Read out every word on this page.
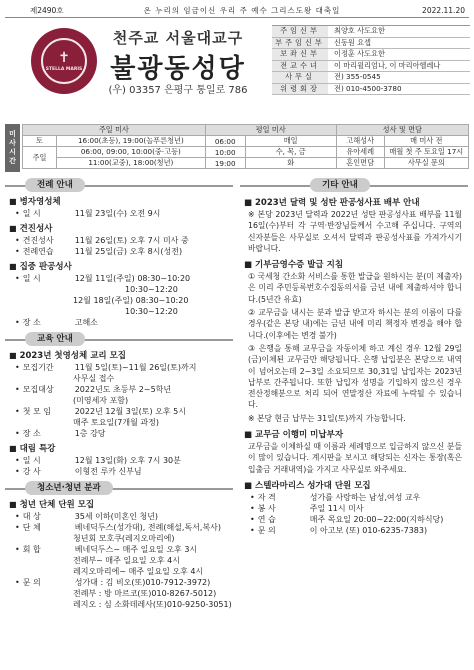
제2490호	온 누리의 임금이신 우리 주 예수 그리스도왕 대축일	2022.11.20
✝
STELLA MARIS
천주교 서울대교구
불광동성당
(우) 03357 은평구 통일로 786
주임신부	최양호 사도요한
부주임신부	신동원 요셉
보좌신부	이정훈 사도요한
전교수녀	이 마리윌리엄나, 이 마리아헬레나
사무실	전) 355-0545
위령회장	전) 010-4500-3780
미
사
시
간
주일 미사		평일 미사		성사 및 면담	
토	16:00(초등), 19:00(놀푸른청년)	06:00	매일	고해성사	매 미사 전
주일	06:00, 09:00, 10:00(중·고등)	10:00	수, 목, 금	유아세례	매월 첫 주 토요일 17시
	11:00(교중), 18:00(청년)	19:00	화	혼인면담	사무실 문의
전례 안내
■ 병자영성체
• 일 시	11월 23일(수) 오전 9시
■ 견진성사
• 견진성사	11월 26일(토) 오후 7시 미사 중
• 전례연습	11월 25일(금) 오후 8시(성전)
■ 집중 판공성사
• 일 시	12월 11일(주일) 08:30~10:20
10:30~12:20
12월 18일(주일) 08:30~10:20
10:30~12:20
• 장 소	고해소
교육 안내
■ 2023년 첫영성체 교리 모집
• 모집기간	11월 5일(토)~11월 26일(토)까지
사무실 접수
• 모집대상	2022년도 초등부 2~5학년
(미영세자 포함)
• 첫 모 임	2022년 12월 3일(토) 오후 5시
매주 토요일(7개월 과정)
• 장 소	1층 강당
■ 대림 특강
• 일 시	12월 13일(화) 오후 7시 30분
• 강 사	이형전 루카 신부님
청소년·청년 분과
■ 청년 단체 단원 모집
• 대 상	35세 이하(미혼인 청년)
• 단 체	베네딕두스(성가대), 전례(해설,독서,복사)
청년회 모호쿠(레지오마리에)
• 회 합	베네딕두스~ 매주 일요일 오후 3시
전례부~ 매주 일요일 오후 4시
레지오마리에~ 매주 일요일 오후 4시
• 문 의	성가대 : 김 비오(또)010-7912-3972)
전례부 : 방 마르코(또)010-8267-5012)
레지오 : 심 소화데레사(또)010-9250-3051)
기타 안내
■ 2023년 달력 및 성탄 판공성사표 배부 안내
※ 본당 2023년 달력과 2022년 성탄 판공성사표 배부를 11월 16일(수)부터 각 구역·반장님들께서 수고해 주십니다. 구역의 신자분들은 사무실로 오셔서 달력과 판공성사표를 가져가시기 바랍니다.
■ 기부금영수증 발급 지침
① 국세청 간소화 서비스를 통한 발급을 원하시는 분(미 제출자)은 미리 주민등록번호수집동의서를 금년 내에 제출하셔야 합니다.(5년간 유효)
② 교무금을 내시는 분과 발급 받고자 하시는 분의 이름이 다를 경우(같은 본당 내)에는 금년 내에 미리 책정자 변경을 해야 합니다.(이후에는 변경 불가)
③ 은행을 통해 교무금을 자동이체 하고 계신 경우 12월 29일(금)이체된 교무금만 해당됩니다. 은행 납입분은 본당으로 내역이 넘어오는데 2~3일 소요되므로 30,31일 납입자는 2023년 납부로 간주됩니다. 또한 납입자 성명을 기입하지 않으신 경우 전산정해분으로 처리 되어 연말정산 자료에 누락될 수 있습니다.
※ 본당 현금 납부는 31일(토)까지 가능합니다.
■ 교무금 이행미 미납부자
교무금을 이체하실 때 이름과 세례명으로 입금하지 않으신 분들이 많이 있습니다. 계시판을 보시고 해당되는 신자는 통장(혹은 입출금 거래내역)을 가지고 사무실로 와주세요.
■ 스텔라마리스 성가대 단원 모집
• 자 격	성가를 사랑하는 남성,여성 교우
• 봉 사	주일 11시 미사
• 연 습	매주 목요일 20:00~22:00(지하식당)
• 문 의	이 아고보 (또) 010-6235-7383)
